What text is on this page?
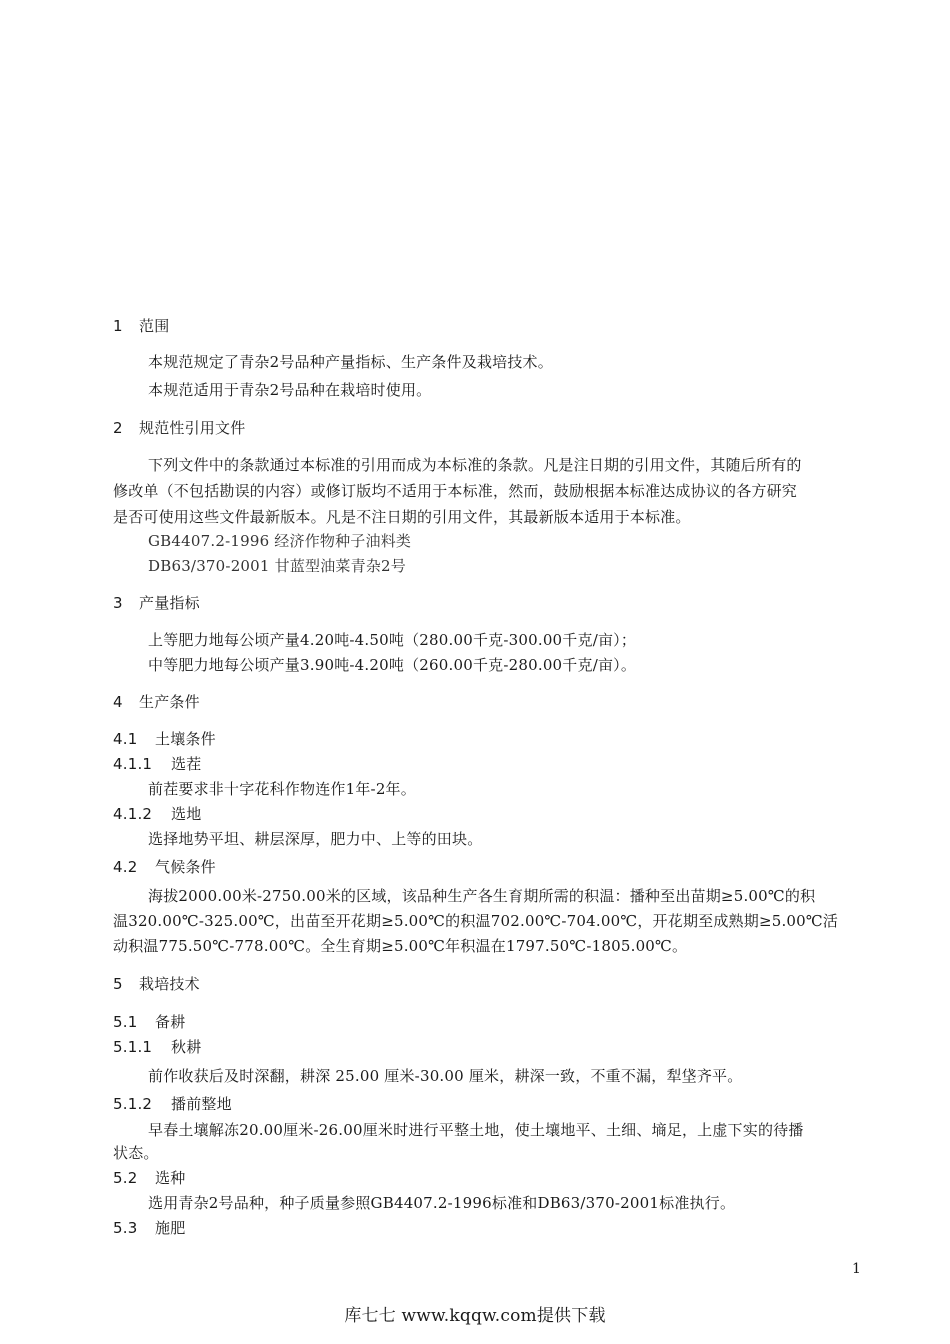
1 范围
本规范规定了青杂2号品种产量指标、生产条件及栽培技术。
本规范适用于青杂2号品种在栽培时使用。
2 规范性引用文件
下列文件中的条款通过本标准的引用而成为本标准的条款。凡是注日期的引用文件，其随后所有的
修改单（不包括勘误的内容）或修订版均不适用于本标准，然而，鼓励根据本标准达成协议的各方研究
是否可使用这些文件最新版本。凡是不注日期的引用文件，其最新版本适用于本标准。
GB4407.2-1996 经济作物种子油料类
DB63/370-2001 甘蓝型油菜青杂2号
3 产量指标
上等肥力地每公顷产量4.20吨-4.50吨（280.00千克-300.00千克/亩）；
中等肥力地每公顷产量3.90吨-4.20吨（260.00千克-280.00千克/亩）。
4 生产条件
4.1 土壤条件
4.1.1 选茬
前茬要求非十字花科作物连作1年-2年。
4.1.2 选地
选择地势平坦、耕层深厚，肥力中、上等的田块。
4.2 气候条件
海拔2000.00米-2750.00米的区域，该品种生产各生育期所需的积温：播种至出苗期≥5.00℃的积
温320.00℃-325.00℃，出苗至开花期≥5.00℃的积温702.00℃-704.00℃，开花期至成熟期≥5.00℃活
动积温775.50℃-778.00℃。全生育期≥5.00℃年积温在1797.50℃-1805.00℃。
5 栽培技术
5.1 备耕
5.1.1 秋耕
前作收获后及时深翻，耕深 25.00 厘米-30.00 厘米，耕深一致，不重不漏，犁垡齐平。
5.1.2 播前整地
早春土壤解冻20.00厘米-26.00厘米时进行平整土地，使土壤地平、土细、墒足，上虚下实的待播
状态。
5.2 选种
选用青杂2号品种，种子质量参照GB4407.2-1996标准和DB63/370-2001标准执行。
5.3 施肥
1
库七七 www.kqqw.com提供下载
